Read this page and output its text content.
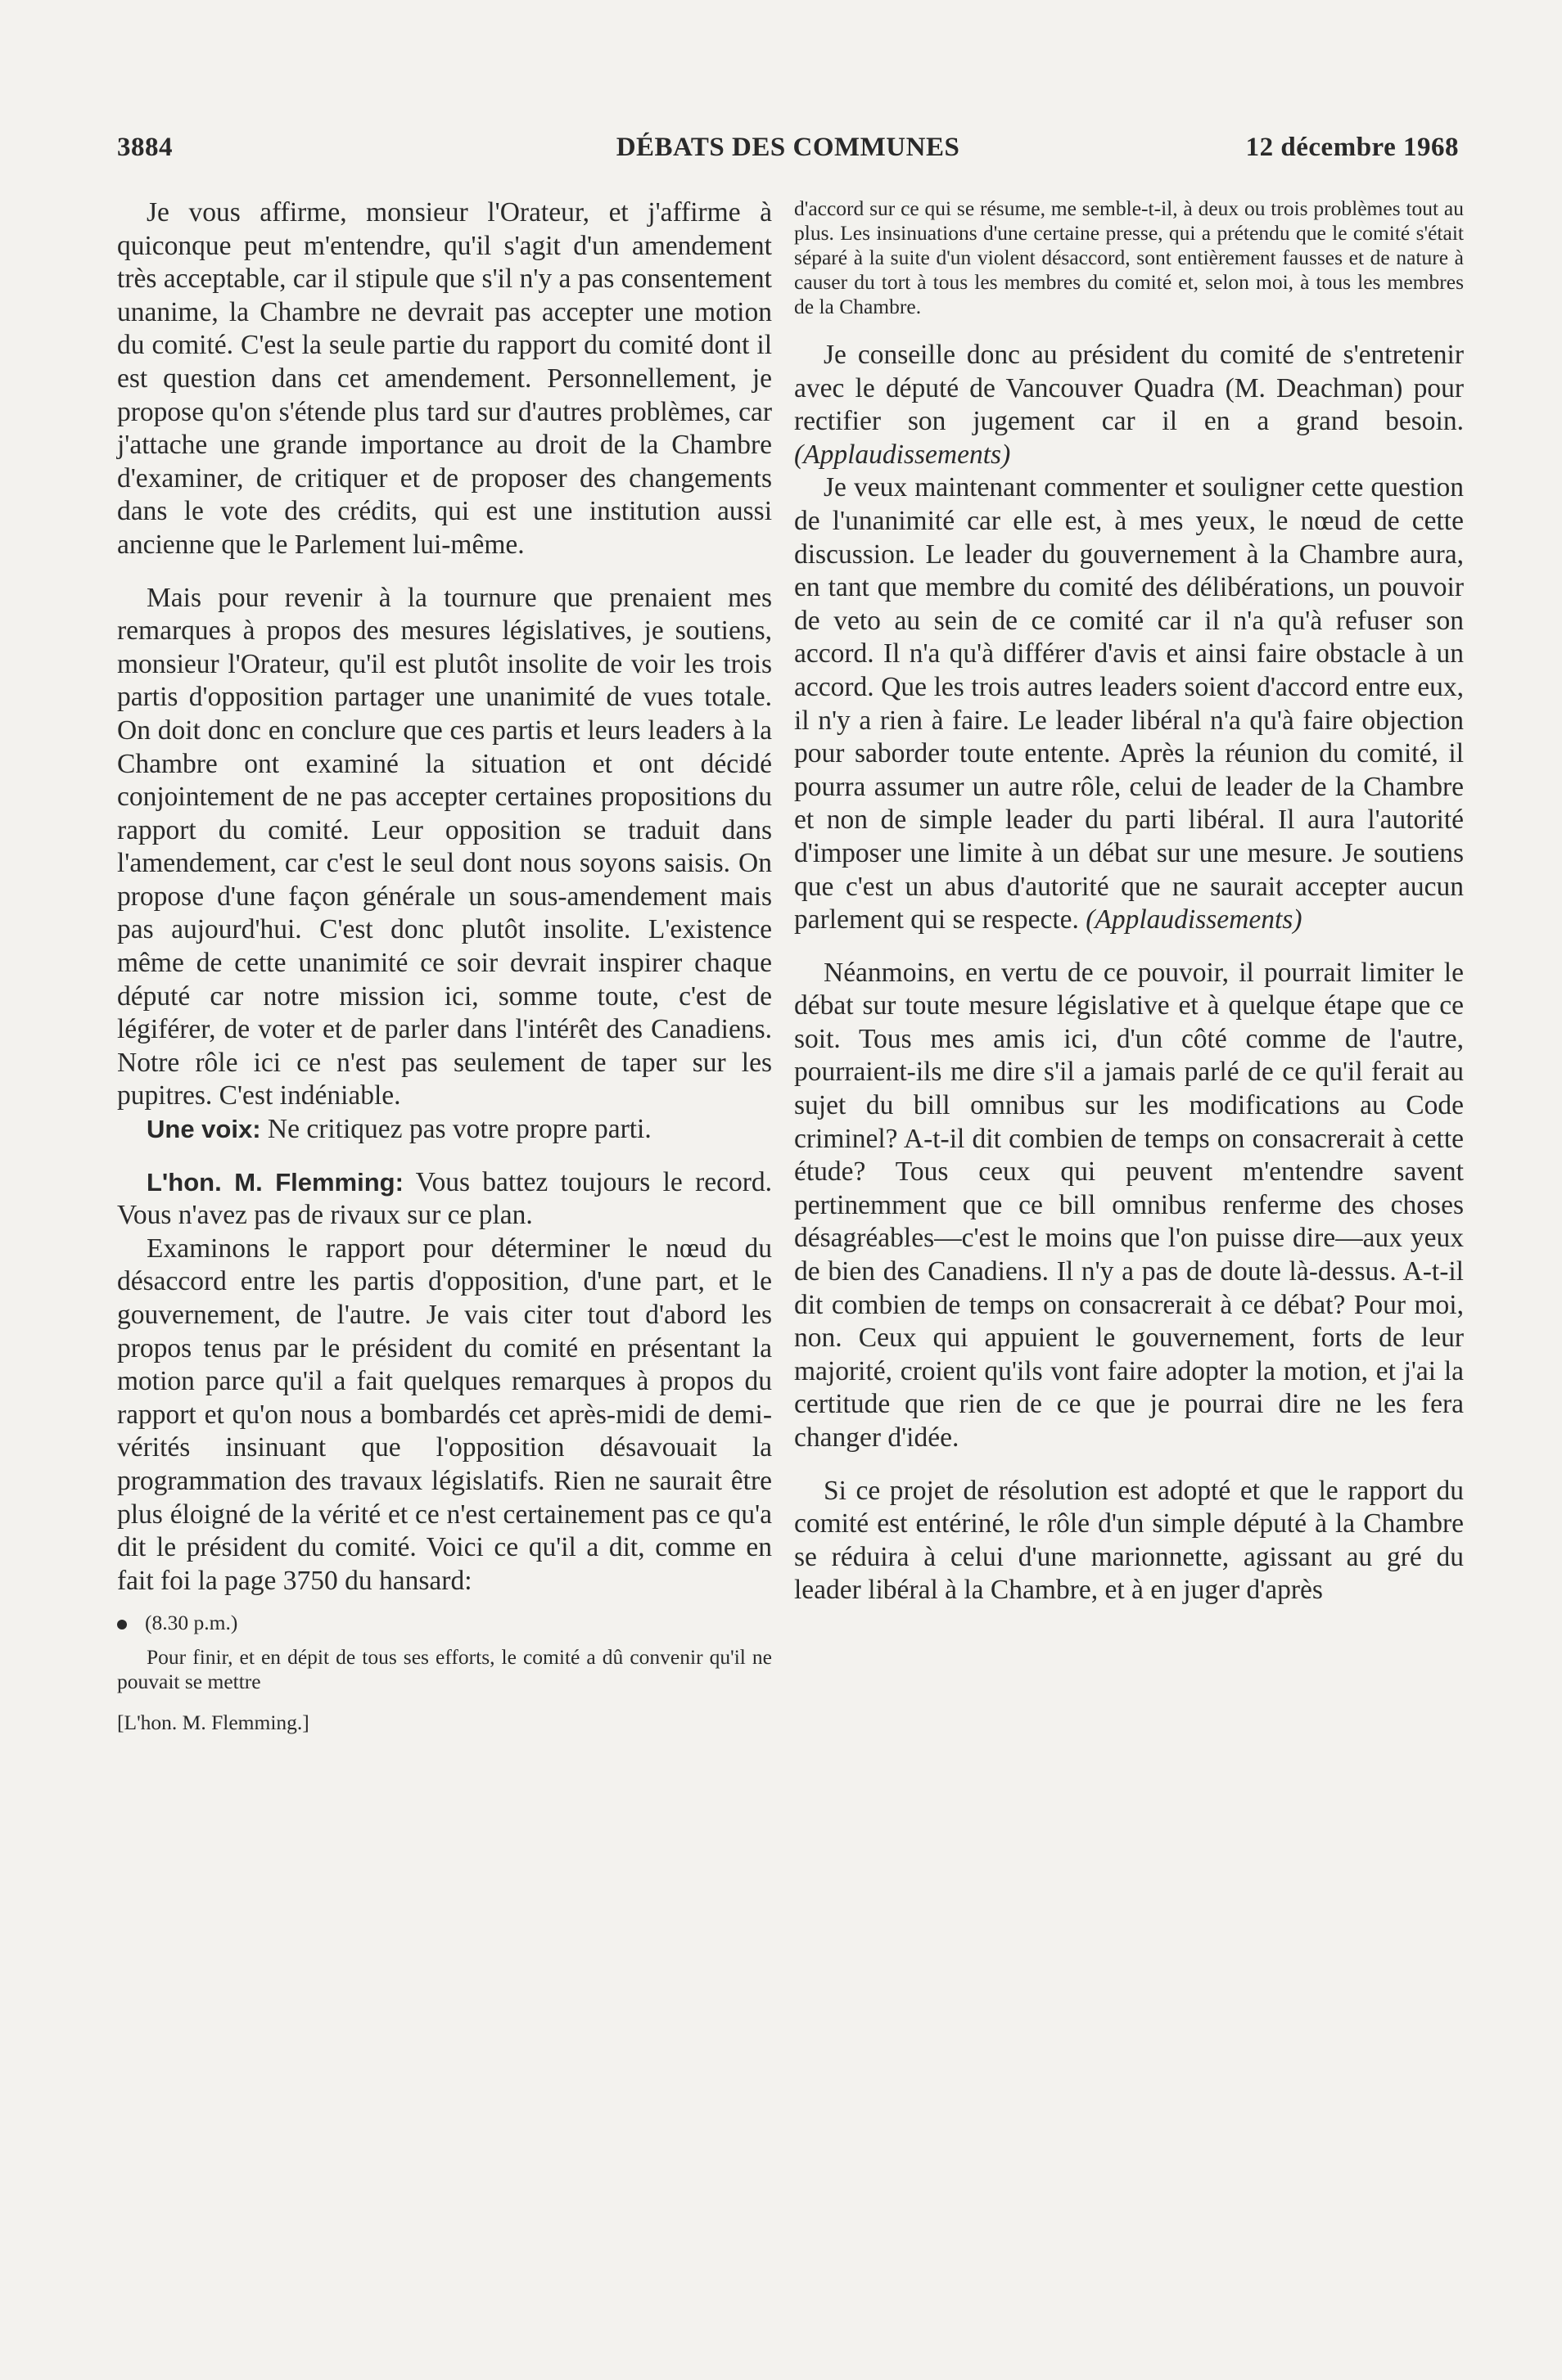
3884	DÉBATS DES COMMUNES	12 décembre 1968

Je vous affirme, monsieur l'Orateur, et j'affirme à quiconque peut m'entendre, qu'il s'agit d'un amendement très acceptable, car il stipule que s'il n'y a pas consentement unanime, la Chambre ne devrait pas accepter une motion du comité. C'est la seule partie du rapport du comité dont il est question dans cet amendement. Personnellement, je propose qu'on s'étende plus tard sur d'autres problèmes, car j'attache une grande importance au droit de la Chambre d'examiner, de critiquer et de proposer des changements dans le vote des crédits, qui est une institution aussi ancienne que le Parlement lui-même.

Mais pour revenir à la tournure que prenaient mes remarques à propos des mesures législatives, je soutiens, monsieur l'Orateur, qu'il est plutôt insolite de voir les trois partis d'opposition partager une unanimité de vues totale. On doit donc en conclure que ces partis et leurs leaders à la Chambre ont examiné la situation et ont décidé conjointement de ne pas accepter certaines propositions du rapport du comité. Leur opposition se traduit dans l'amendement, car c'est le seul dont nous soyons saisis. On propose d'une façon générale un sous-amendement mais pas aujourd'hui. C'est donc plutôt insolite. L'existence même de cette unanimité ce soir devrait inspirer chaque député car notre mission ici, somme toute, c'est de légiférer, de voter et de parler dans l'intérêt des Canadiens. Notre rôle ici ce n'est pas seulement de taper sur les pupitres. C'est indéniable.

Une voix: Ne critiquez pas votre propre parti.

L'hon. M. Flemming: Vous battez toujours le record. Vous n'avez pas de rivaux sur ce plan.

Examinons le rapport pour déterminer le nœud du désaccord entre les partis d'opposition, d'une part, et le gouvernement, de l'autre. Je vais citer tout d'abord les propos tenus par le président du comité en présentant la motion parce qu'il a fait quelques remarques à propos du rapport et qu'on nous a bombardés cet après-midi de demi-vérités insinuant que l'opposition désavouait la programmation des travaux législatifs. Rien ne saurait être plus éloigné de la vérité et ce n'est certainement pas ce qu'a dit le président du comité. Voici ce qu'il a dit, comme en fait foi la page 3750 du hansard:

(8.30 p.m.)

Pour finir, et en dépit de tous ses efforts, le comité a dû convenir qu'il ne pouvait se mettre

[L'hon. M. Flemming.]

d'accord sur ce qui se résume, me semble-t-il, à deux ou trois problèmes tout au plus. Les insinuations d'une certaine presse, qui a prétendu que le comité s'était séparé à la suite d'un violent désaccord, sont entièrement fausses et de nature à causer du tort à tous les membres du comité et, selon moi, à tous les membres de la Chambre.

Je conseille donc au président du comité de s'entretenir avec le député de Vancouver Quadra (M. Deachman) pour rectifier son jugement car il en a grand besoin. (Applaudissements)

Je veux maintenant commenter et souligner cette question de l'unanimité car elle est, à mes yeux, le nœud de cette discussion. Le leader du gouvernement à la Chambre aura, en tant que membre du comité des délibérations, un pouvoir de veto au sein de ce comité car il n'a qu'à refuser son accord. Il n'a qu'à différer d'avis et ainsi faire obstacle à un accord. Que les trois autres leaders soient d'accord entre eux, il n'y a rien à faire. Le leader libéral n'a qu'à faire objection pour saborder toute entente. Après la réunion du comité, il pourra assumer un autre rôle, celui de leader de la Chambre et non de simple leader du parti libéral. Il aura l'autorité d'imposer une limite à un débat sur une mesure. Je soutiens que c'est un abus d'autorité que ne saurait accepter aucun parlement qui se respecte. (Applaudissements)

Néanmoins, en vertu de ce pouvoir, il pourrait limiter le débat sur toute mesure législative et à quelque étape que ce soit. Tous mes amis ici, d'un côté comme de l'autre, pourraient-ils me dire s'il a jamais parlé de ce qu'il ferait au sujet du bill omnibus sur les modifications au Code criminel? A-t-il dit combien de temps on consacrerait à cette étude? Tous ceux qui peuvent m'entendre savent pertinemment que ce bill omnibus renferme des choses désagréables—c'est le moins que l'on puisse dire—aux yeux de bien des Canadiens. Il n'y a pas de doute là-dessus. A-t-il dit combien de temps on consacrerait à ce débat? Pour moi, non. Ceux qui appuient le gouvernement, forts de leur majorité, croient qu'ils vont faire adopter la motion, et j'ai la certitude que rien de ce que je pourrai dire ne les fera changer d'idée.

Si ce projet de résolution est adopté et que le rapport du comité est entériné, le rôle d'un simple député à la Chambre se réduira à celui d'une marionnette, agissant au gré du leader libéral à la Chambre, et à en juger d'après
